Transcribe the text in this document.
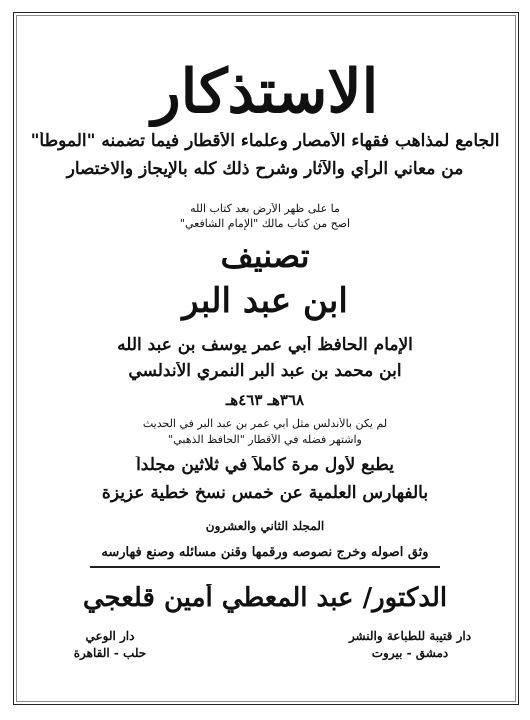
الاستذكار
الجامع لمذاهب فقهاء الأمصار وعلماء الأقطار فيما تضمنه "الموطأ"
من معاني الرأي والآثار وشرح ذلك كله بالإيجاز والاختصار
ما على ظهر الأرض بعد كتاب الله
أصح من كتاب مالك "الإمام الشافعي"
تصنيف
ابن عبد البر
الإمام الحافظ أبي عمر يوسف بن عبد الله
ابن محمد بن عبد البر النمري الأندلسي
٣٦٨هـ ٤٦٣هـ
لم يكن بالأندلس مثل أبي عمر بن عبد البر في الحديث
واشتهر فضله في الأقطار "الحافظ الذهبي"
يطبع لأول مرة كاملاً في ثلاثين مجلداً
بالفهارس العلمية عن خمس نسخ خطية عزيزة
المجلد الثاني والعشرون
وثق أصوله وخرج نصوصه ورقمها وقنن مسائله وصنع فهارسه
الدكتور/ عبد المعطي أمين قلعجي
دار قتيبة للطباعة والنشر
دمشق - بيروت
دار الوعي
حلب - القاهرة
